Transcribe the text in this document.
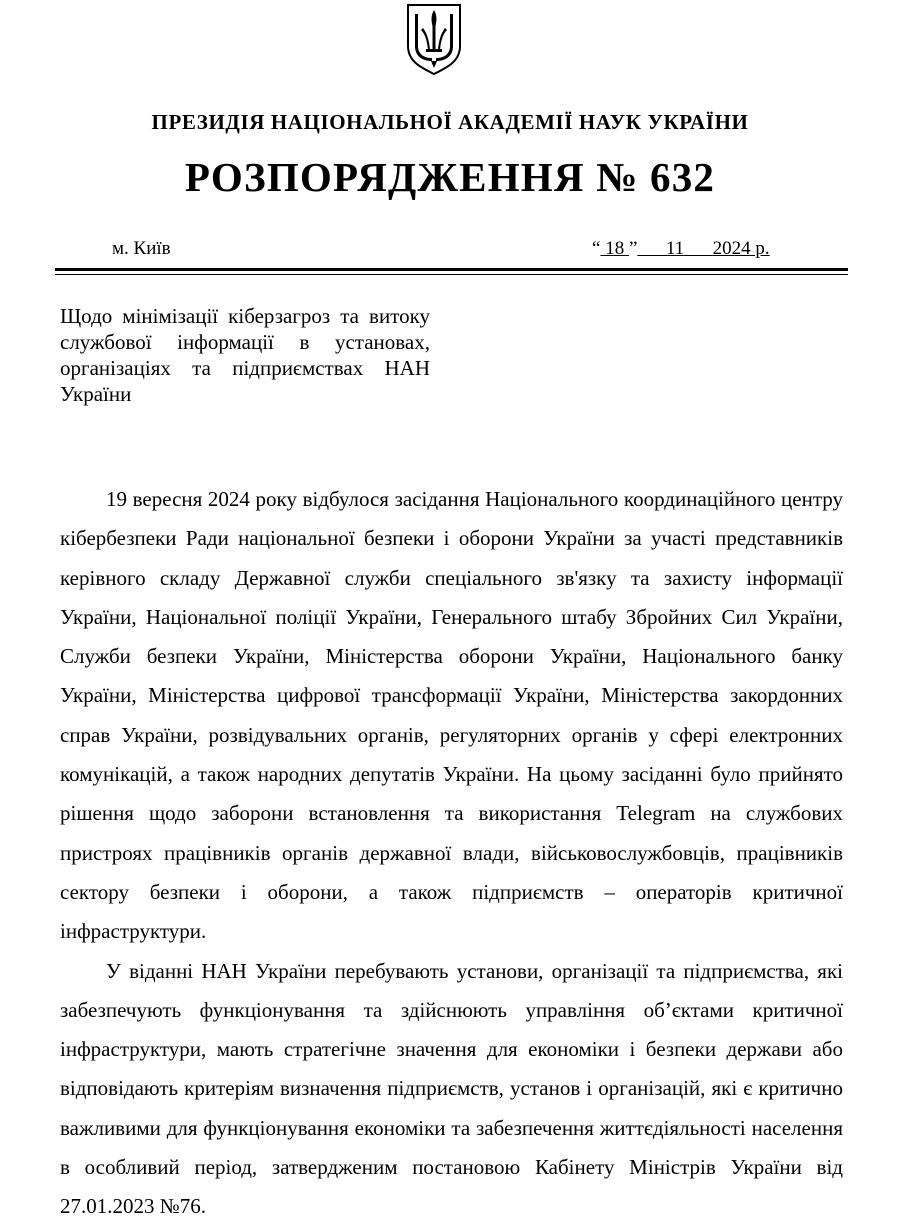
ПРЕЗИДІЯ НАЦІОНАЛЬНОЇ АКАДЕМІЇ НАУК УКРАЇНИ
РОЗПОРЯДЖЕННЯ № 632
м. Київ	“ 18 ”      11      2024 р.
Щодо мінімізації кіберзагроз та витоку службової інформації в установах, організаціях та підприємствах НАН України

19 вересня 2024 року відбулося засідання Національного координаційного центру кібербезпеки Ради національної безпеки і оборони України за участі представників керівного складу Державної служби спеціального зв'язку та захисту інформації України, Національної поліції України, Генерального штабу Збройних Сил України, Служби безпеки України, Міністерства оборони України, Національного банку України, Міністерства цифрової трансформації України, Міністерства закордонних справ України, розвідувальних органів, регуляторних органів у сфері електронних комунікацій, а також народних депутатів України. На цьому засіданні було прийнято рішення щодо заборони встановлення та використання Telegram на службових пристроях працівників органів державної влади, військовослужбовців, працівників сектору безпеки і оборони, а також підприємств – операторів критичної інфраструктури.

У віданні НАН України перебувають установи, організації та підприємства, які забезпечують функціонування та здійснюють управління об’єктами критичної інфраструктури, мають стратегічне значення для економіки і безпеки держави або відповідають критеріям визначення підприємств, установ і організацій, які є критично важливими для функціонування економіки та забезпечення життєдіяльності населення в особливий період, затвердженим постановою Кабінету Міністрів України від 27.01.2023 №76.
